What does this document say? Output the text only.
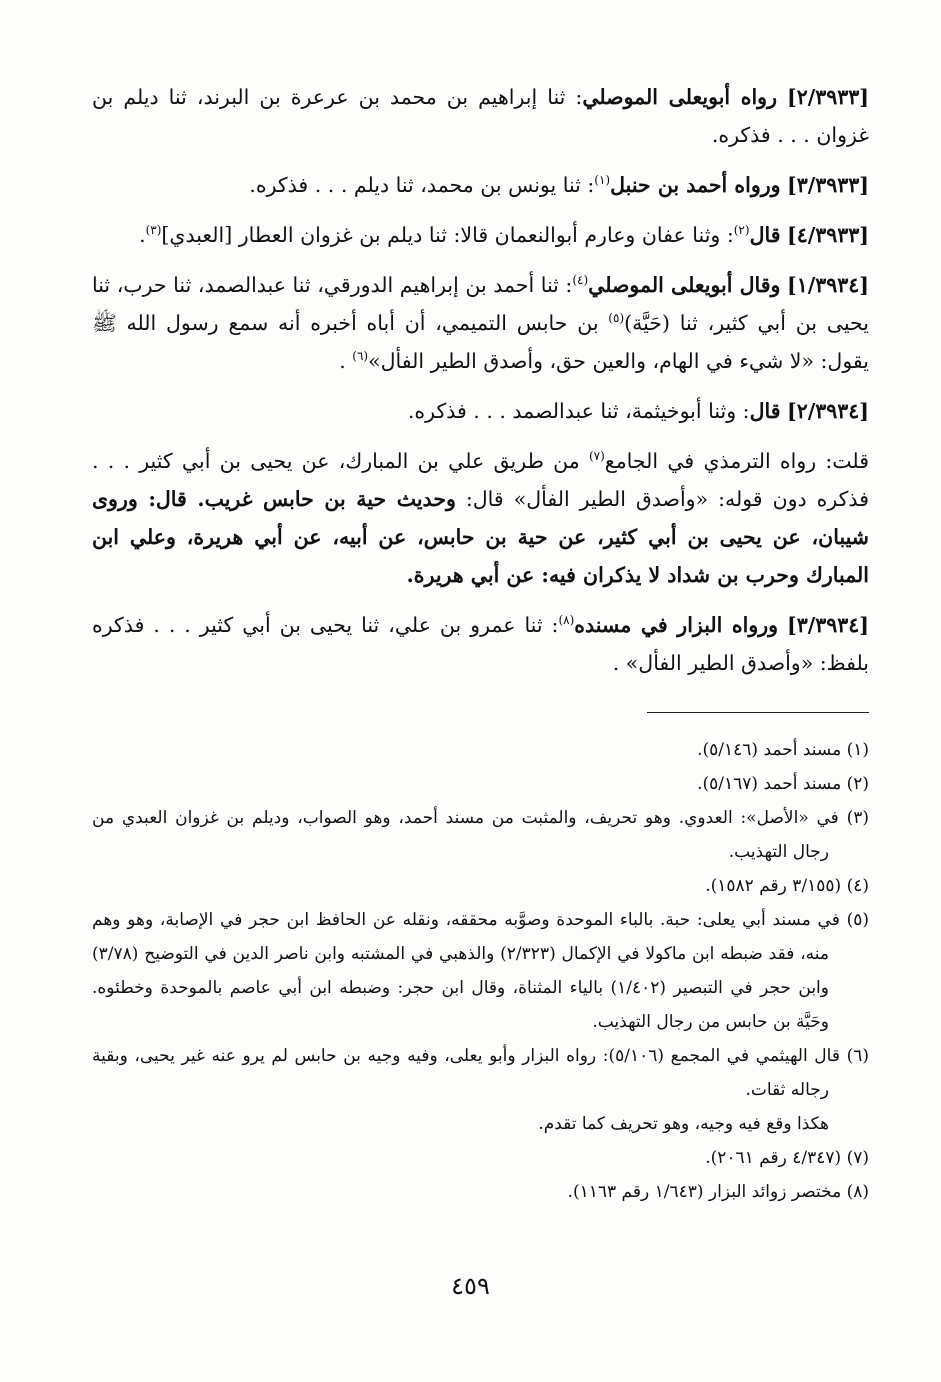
[٢/٣٩٣٣] رواه أبويعلى الموصلي: ثنا إبراهيم بن محمد بن عرعرة بن البرند، ثنا ديلم بن غزوان . . . فذكره.

[٣/٣٩٣٣] ورواه أحمد بن حنبل$^{(١)}$: ثنا يونس بن محمد، ثنا ديلم . . . فذكره.

[٤/٣٩٣٣] قال$^{(٢)}$: وثنا عفان وعارم أبوالنعمان قالا: ثنا ديلم بن غزوان العطار [العبدي]$^{(٣)}$.

[١/٣٩٣٤] وقال أبويعلى الموصلي$^{(٤)}$: ثنا أحمد بن إبراهيم الدورقي، ثنا عبدالصمد، ثنا حرب، ثنا يحيى بن أبي كثير، ثنا (حَيَّة)$^{(٥)}$ بن حابس التميمي، أن أباه أخبره أنه سمع رسول الله ﷺ يقول: «لا شيء في الهام، والعين حق، وأصدق الطير الفأل»$^{(٦)}$ .

[٢/٣٩٣٤] قال: وثنا أبوخيثمة، ثنا عبدالصمد . . . فذكره.

قلت: رواه الترمذي في الجامع$^{(٧)}$ من طريق علي بن المبارك، عن يحيى بن أبي كثير . . . فذكره دون قوله: «وأصدق الطير الفأل» قال: وحديث حية بن حابس غريب. قال: وروى شيبان، عن يحيى بن أبي كثير، عن حية بن حابس، عن أبيه، عن أبي هريرة، وعلي ابن المبارك وحرب بن شداد لا يذكران فيه: عن أبي هريرة.

[٣/٣٩٣٤] ورواه البزار في مسنده$^{(٨)}$: ثنا عمرو بن علي، ثنا يحيى بن أبي كثير . . . فذكره بلفظ: «وأصدق الطير الفأل» .

(١) مسند أحمد (٥/١٤٦).

(٢) مسند أحمد (٥/١٦٧).

(٣) في «الأصل»: العدوي. وهو تحريف، والمثبت من مسند أحمد، وهو الصواب، وديلم بن غزوان العبدي من رجال التهذيب.

(٤) (٣/١٥٥ رقم ١٥٨٢).

(٥) في مسند أبي يعلى: حبة. بالباء الموحدة وصوَّبه محققه، ونقله عن الحافظ ابن حجر في الإصابة، وهو وهم منه، فقد ضبطه ابن ماكولا في الإكمال (٢/٣٢٣) والذهبي في المشتبه وابن ناصر الدين في التوضيح (٣/٧٨) وابن حجر في التبصير (١/٤٠٢) بالياء المثناة، وقال ابن حجر: وضبطه ابن أبي عاصم بالموحدة وخطئوه. وحَيَّة بن حابس من رجال التهذيب.

(٦) قال الهيثمي في المجمع (٥/١٠٦): رواه البزار وأبو يعلى، وفيه وجيه بن حابس لم يرو عنه غير يحيى، وبقية رجاله ثقات.

هكذا وقع فيه وجيه، وهو تحريف كما تقدم.

(٧) (٤/٣٤٧ رقم ٢٠٦١).

(٨) مختصر زوائد البزار (١/٦٤٣ رقم ١١٦٣).

٤٥٩
